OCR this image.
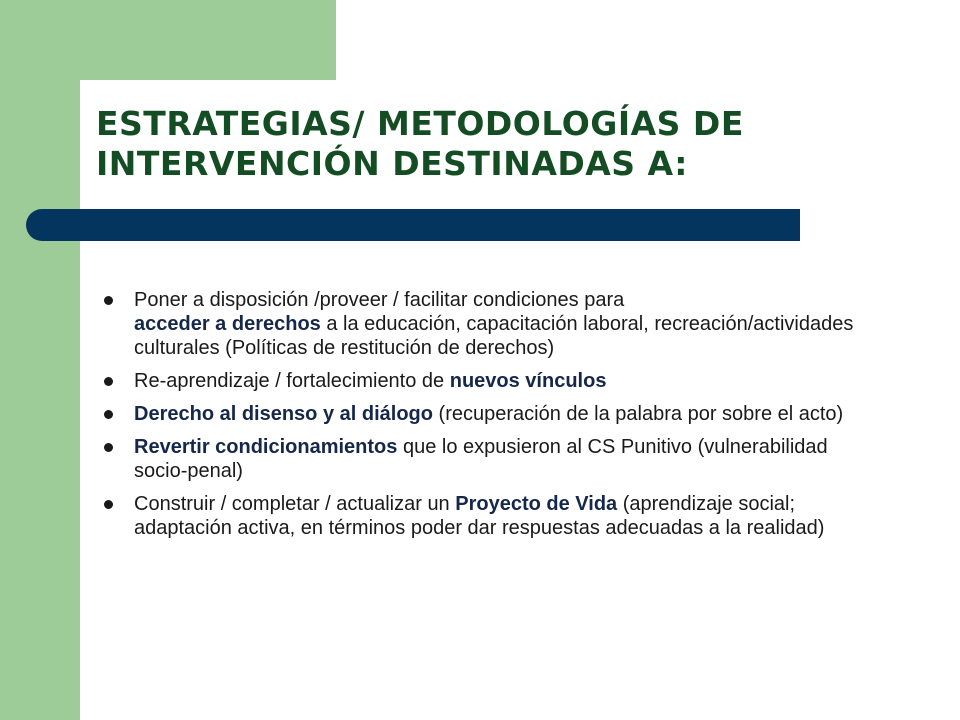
ESTRATEGIAS/ METODOLOGÍAS DE
INTERVENCIÓN DESTINADAS A:
Poner a disposición /proveer / facilitar condiciones para
acceder a derechos a la educación, capacitación laboral, recreación/actividades culturales (Políticas de restitución de derechos)
Re-aprendizaje / fortalecimiento de nuevos vínculos
Derecho al disenso y al diálogo (recuperación de la palabra por sobre el acto)
Revertir condicionamientos que lo expusieron al CS Punitivo (vulnerabilidad socio-penal)
Construir / completar / actualizar un Proyecto de Vida (aprendizaje social; adaptación activa, en términos poder dar respuestas adecuadas a la realidad)
